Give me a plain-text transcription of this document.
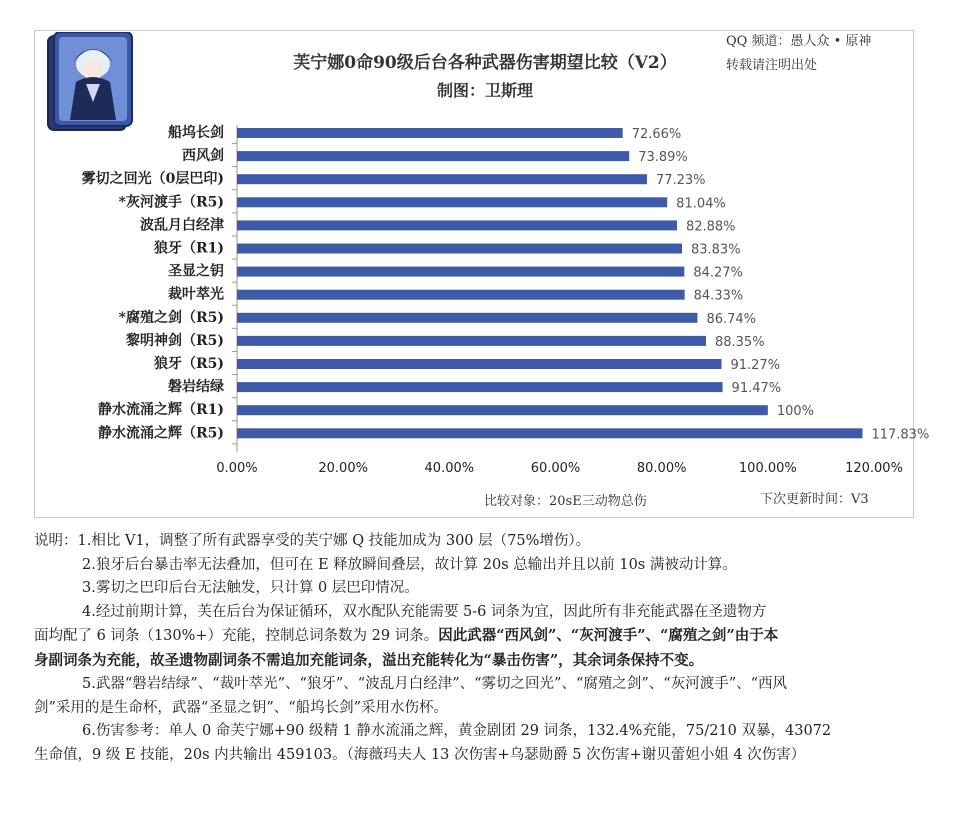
芙宁娜0命90级后台各种武器伤害期望比较（V2）
制图：卫斯理
QQ 频道：愚人众 • 原神
转载请注明出处
船坞长剑	72.66%
西风剑	73.89%
雾切之回光（0层巴印)	77.23%
*灰河渡手（R5)	81.04%
波乱月白经津	82.88%
狼牙（R1)	83.83%
圣显之钥	84.27%
裁叶萃光	84.33%
*腐殖之剑（R5)	86.74%
黎明神剑（R5)	88.35%
狼牙（R5)	91.27%
磐岩结绿	91.47%
静水流涌之辉（R1)	100%
静水流涌之辉（R5)	117.83%
0.00%	20.00%	40.00%	60.00%	80.00%	100.00%	120.00%
比较对象：20sE三动物总伤	下次更新时间：V3
说明：1.相比 V1，调整了所有武器享受的芙宁娜 Q 技能加成为 300 层（75%增伤）。
2.狼牙后台暴击率无法叠加，但可在 E 释放瞬间叠层，故计算 20s 总输出并且以前 10s 满被动计算。
3.雾切之巴印后台无法触发，只计算 0 层巴印情况。
4.经过前期计算，芙在后台为保证循环，双水配队充能需要 5-6 词条为宜，因此所有非充能武器在圣遗物方
面均配了 6 词条（130%+）充能，控制总词条数为 29 词条。因此武器“西风剑”、“灰河渡手”、“腐殖之剑”由于本
身副词条为充能，故圣遗物副词条不需追加充能词条，溢出充能转化为“暴击伤害”，其余词条保持不变。
5.武器“磐岩结绿”、“裁叶萃光”、“狼牙”、“波乱月白经津”、“雾切之回光”、“腐殖之剑”、“灰河渡手”、“西风
剑”采用的是生命杯，武器“圣显之钥”、“船坞长剑”采用水伤杯。
6.伤害参考：单人 0 命芙宁娜+90 级精 1 静水流涌之辉，黄金剧团 29 词条，132.4%充能，75/210 双暴，43072
生命值，9 级 E 技能，20s 内共输出 459103。（海薇玛夫人 13 次伤害+乌瑟勋爵 5 次伤害+谢贝蕾妲小姐 4 次伤害）
